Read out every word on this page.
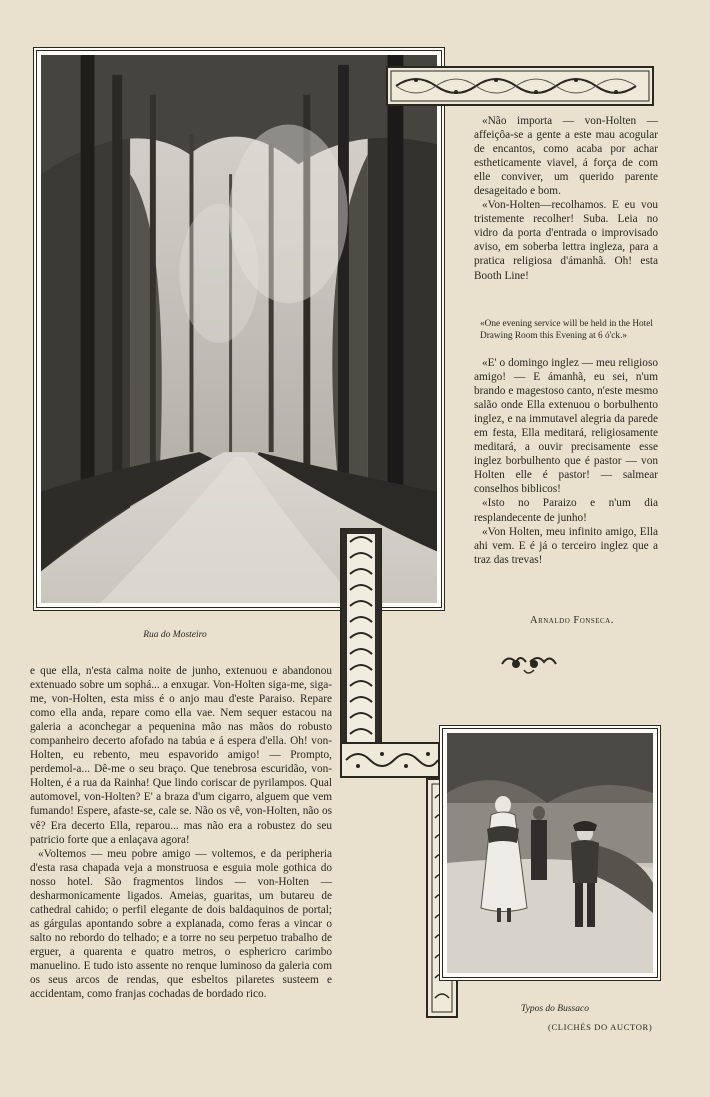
Rua do Mosteiro

«Não importa — von-Holten —affeiçôa-se a gente a este mau acogular de encantos, como acaba por achar estheticamente viavel, á força de com elle conviver, um querido parente desageitado e bom.

«Von-Holten—recolhamos. E eu vou tristemente recolher! Suba. Leia no vidro da porta d'entrada o improvisado aviso, em soberba lettra ingleza, para a pratica religiosa d'ámanhã. Oh! esta Booth Line!

«One evening service will be held in the Hotel Drawing Room this Evening at 6 ó'ck.»

«E' o domingo inglez — meu religioso amigo! — E ámanhã, eu sei, n'um brando e magestoso canto, n'este mesmo salão onde Ella extenuou o borbulhento inglez, e na immutavel alegria da parede em festa, Ella meditará, religiosamente meditará, a ouvir precisamente esse inglez borbulhento que é pastor — von Holten elle é pastor! — salmear conselhos biblicos!

«Isto no Paraizo e n'um dia resplandecente de junho!

«Von Holten, meu infinito amigo, Ella ahi vem. E é já o terceiro inglez que a traz das trevas!

Arnaldo Fonseca.

e que ella, n'esta calma noite de junho, extenuou e abandonou extenuado sobre um sophá... a enxugar. Von-Holten siga-me, siga-me, von-Holten, esta miss é o anjo mau d'este Paraiso. Repare como ella anda, repare como ella vae. Nem sequer estacou na galeria a aconchegar a pequenina mão nas mãos do robusto companheiro decerto afofado na tabúa e á espera d'ella. Oh! von-Holten, eu rebento, meu espavorido amigo! — Prompto, perdemol-a... Dê-me o seu braço. Que tenebrosa escuridão, von-Holten, é a rua da Rainha! Que lindo coriscar de pyrilampos. Qual automovel, von-Holten? E' a braza d'um cigarro, alguem que vem fumando! Espere, afaste-se, cale se. Não os vê, von-Holten, não os vê? Era decerto Ella, reparou... mas não era a robustez do seu patricio forte que a enlaçava agora!

«Voltemos — meu pobre amigo — voltemos, e da peripheria d'esta rasa chapada veja a monstruosa e esguia mole gothica do nosso hotel. São fragmentos lindos — von-Holten — desharmonicamente ligados. Ameias, guaritas, um butareu de cathedral cahido; o perfil elegante de dois baldaquinos de portal; as gárgulas apontando sobre a explanada, como feras a vincar o salto no rebordo do telhado; e a torre no seu perpetuo trabalho de erguer, a quarenta e quatro metros, o esphericro carimbo manuelino. E tudo isto assente no renque luminoso da galeria com os seus arcos de rendas, que esbeltos pilaretes susteem e accidentam, como franjas cochadas de bordado rico.

Typos do Bussaco
(CLICHÉS DO AUCTOR)
